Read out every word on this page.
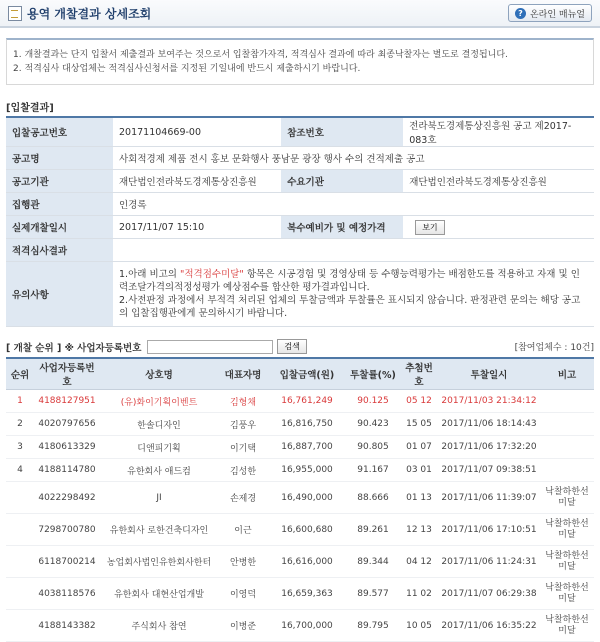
용역 개찰결과 상세조회	? 온라인 매뉴얼
1. 개찰결과는 단지 입찰서 제출결과 보여주는 것으로서 입찰참가자격, 적격심사 결과에 따라 최종낙찰자는 별도로 결정됩니다.
2. 적격심사 대상업체는 적격심사신청서를 지정된 기일내에 반드시 제출하시기 바랍니다.
[입찰결과]
입찰공고번호	20171104669-00	참조번호	전라북도경제통상진흥원 공고 제2017-083호
공고명	사회적경제 제품 전시 홍보 문화행사 풍남문 광장 행사 수의 견적제출 공고		
공고기관	재단법인전라북도경제통상진흥원	수요기관	재단법인전라북도경제통상진흥원
집행관	인경록		
실제개찰일시	2017/11/07 15:10	복수예비가 및 예정가격	보기
적격심사결과			
유의사항	1.아래 비고의 "적격점수미달" 항목은 시공경험 및 경영상태 등 수행능력평가는 배점한도를 적용하고 자재 및 인력조달가격의적정성평가 예상점수를 합산한 평가결과입니다.
2.사전판정 과정에서 부적격 처리된 업체의 투찰금액과 투찰률은 표시되지 않습니다. 판정관련 문의는 해당 공고의 입찰집행관에게 문의하시기 바랍니다.		
[ 개찰 순위 ] ※ 사업자등록번호	검색	[참여업체수 : 10건]
순위	사업자등록번호	상호명	대표자명	입찰금액(원)	투찰률(%)	추첨번호	투찰일시	비고
1	4188127951	(유)화이기획이벤트	김형채	16,761,249	90.125	05 12	2017/11/03 21:34:12	
2	4020797656	한솔디자인	김풍우	16,816,750	90.423	15 05	2017/11/06 18:14:43	
3	4180613329	디앤피기획	이기택	16,887,700	90.805	01 07	2017/11/06 17:32:20	
4	4188114780	유한회사 애드컴	김성한	16,955,000	91.167	03 01	2017/11/07 09:38:51	
	4022298492	JI	손제경	16,490,000	88.666	01 13	2017/11/06 11:39:07	낙찰하한선미달
	7298700780	유한회사 로한건축디자인	이근	16,600,680	89.261	12 13	2017/11/06 17:10:51	낙찰하한선미달
	6118700214	농업회사법인유한회사한터	안병한	16,616,000	89.344	04 12	2017/11/06 11:24:31	낙찰하한선미달
	4038118576	유한회사 대현산업개발	이영덕	16,659,363	89.577	11 02	2017/11/07 06:29:38	낙찰하한선미달
	4188143382	주식회사 참연	이병준	16,700,000	89.795	10 05	2017/11/06 16:35:22	낙찰하한선미달
